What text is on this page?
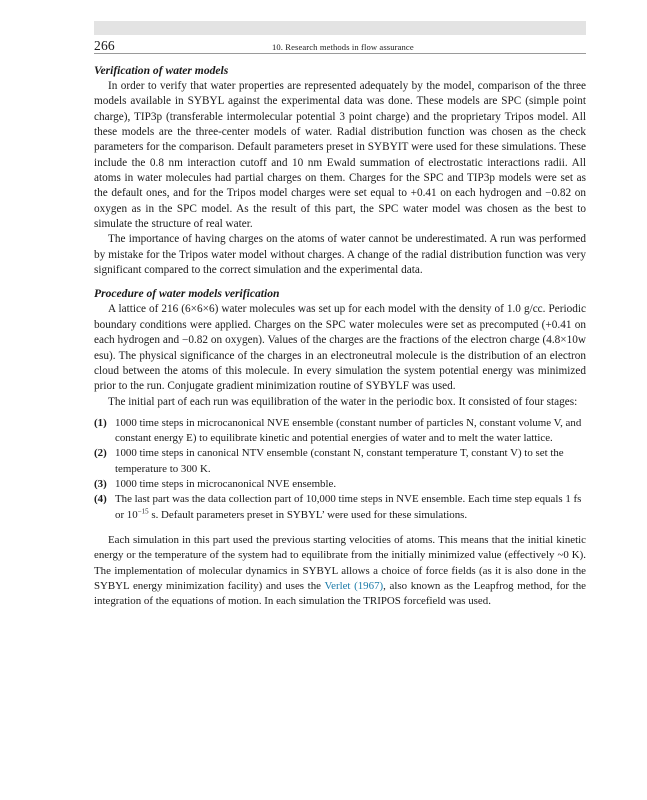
266	10. Research methods in flow assurance
Verification of water models

In order to verify that water properties are represented adequately by the model, comparison of the three models available in SYBYL against the experimental data was done. These models are SPC (simple point charge), TIP3p (transferable intermolecular potential 3 point charge) and the proprietary Tripos model. All these models are the three-center models of water. Radial distribution function was chosen as the check parameters for the comparison. Default parameters preset in SYBYIT were used for these simulations. These include the 0.8 nm interaction cutoff and 10 nm Ewald summation of electrostatic interactions radii. All atoms in water molecules had partial charges on them. Charges for the SPC and TIP3p models were set as the default ones, and for the Tripos model charges were set equal to +0.41 on each hydrogen and −0.82 on oxygen as in the SPC model. As the result of this part, the SPC water model was chosen as the best to simulate the structure of real water.

The importance of having charges on the atoms of water cannot be underestimated. A run was performed by mistake for the Tripos water model without charges. A change of the radial distribution function was very significant compared to the correct simulation and the experimental data.

Procedure of water models verification

A lattice of 216 (6×6×6) water molecules was set up for each model with the density of 1.0 g/cc. Periodic boundary conditions were applied. Charges on the SPC water molecules were set as precomputed (+0.41 on each hydrogen and −0.82 on oxygen). Values of the charges are the fractions of the electron charge (4.8×10w esu). The physical significance of the charges in an electroneutral molecule is the distribution of an electron cloud between the atoms of this molecule. In every simulation the system potential energy was minimized prior to the run. Conjugate gradient minimization routine of SYBYLF was used.

The initial part of each run was equilibration of the water in the periodic box. It consisted of four stages:

(1) 1000 time steps in microcanonical NVE ensemble (constant number of particles N, constant volume V, and constant energy E) to equilibrate kinetic and potential energies of water and to melt the water lattice.
(2) 1000 time steps in canonical NTV ensemble (constant N, constant temperature T, constant V) to set the temperature to 300 K.
(3) 1000 time steps in microcanonical NVE ensemble.
(4) The last part was the data collection part of 10,000 time steps in NVE ensemble. Each time step equals 1 fs or $10^{-15}$ s. Default parameters preset in SYBYL’ were used for these simulations.

Each simulation in this part used the previous starting velocities of atoms. This means that the initial kinetic energy or the temperature of the system had to equilibrate from the initially minimized value (effectively ~0 K). The implementation of molecular dynamics in SYBYL allows a choice of force fields (as it is also done in the SYBYL energy minimization facility) and uses the Verlet (1967), also known as the Leapfrog method, for the integration of the equations of motion. In each simulation the TRIPOS forcefield was used.
